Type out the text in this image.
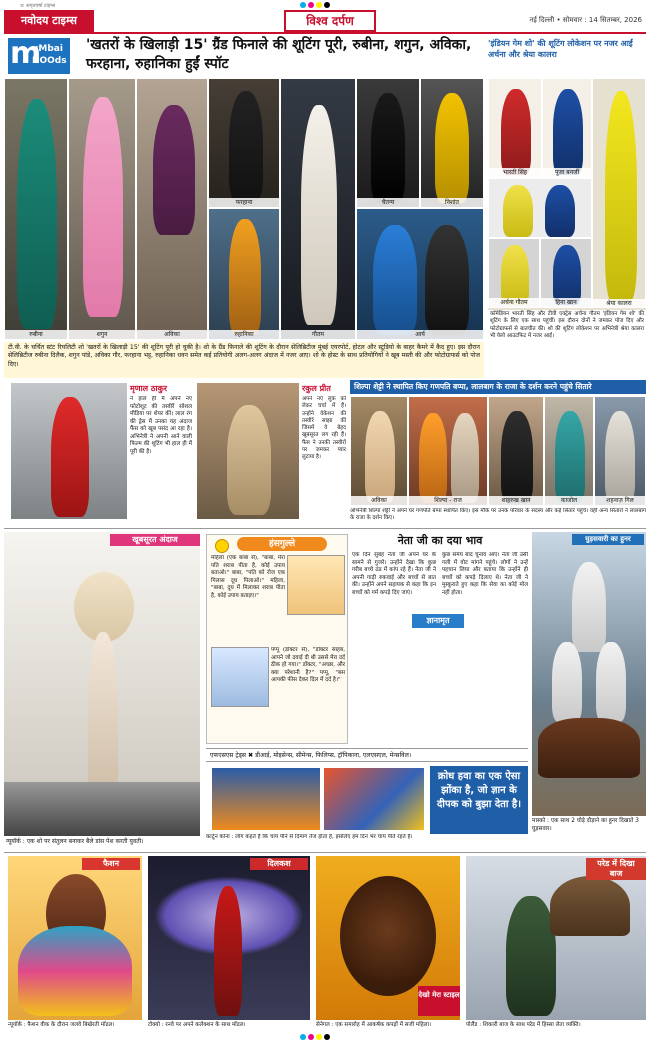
≡ अमृतवर्षा टाइम्स
नवोदय टाइम्स	विश्व दर्पण	नई दिल्ली • सोमवार : 14 सितम्बर, 2026
m
uMbai
DOOds
'खतरों के खिलाड़ी 15' ग्रैंड फिनाले की शूटिंग पूरी, रुबीना, शगुन, अविका, फरहाना, रुहानिका हुईं स्पॉट
'इंडियन गेम शो' की शूटिंग लोकेशन पर नजर आईं अर्चना और श्रेया कालरा
रुबीना	शगुन	अविका
फरहाना
रुहानिका	गौतम
चैतन्य	निशांत
आर्य
टी.वी. के चर्चित स्टंट रियलिटी शो 'खतरों के खिलाड़ी 15' की शूटिंग पूरी हो चुकी है। शो के ग्रैंड फिनाले की शूटिंग के दौरान सेलिब्रिटीज मुंबई एयरपोर्ट, होटल और स्टूडियो के बाहर कैमरे में कैद हुए। इस दौरान सेलिब्रिटीज रुबीना दिलैक, शगुन पांडे, अविका गौर, फरहाना भट्ट, रुहानिका धवन समेत कई प्रतियोगी अलग-अलग अंदाज में नजर आए। शो के होस्ट के साथ प्रतियोगियों ने खूब मस्ती की और फोटोग्राफर्स को पोज दिए।
भारती सिंह	पूजा बनर्जी
अर्चना गौतम	हिना खान	श्रेया कालरा
कॉमेडियन भारती सिंह और टीवी एक्ट्रेस अर्चना गौतम 'इंडियन गेम शो' की शूटिंग के लिए एक साथ पहुंचीं। इस दौरान दोनों ने जमकर पोज दिए और फोटोग्राफर्स से बातचीत की। शो की शूटिंग लोकेशन पर अभिनेत्री श्रेया कालरा भी येलो आउटफिट में नजर आईं।
मृणाल ठाकुर
ने हाल ही में अपने नए फोटोशूट की तस्वीरें सोशल मीडिया पर शेयर कीं। लाल रंग की ड्रेस में उनका यह अंदाज फैंस को खूब पसंद आ रहा है। अभिनेत्री ने अपनी आने वाली फिल्म की शूटिंग भी हाल ही में पूरी की है।
रकुल प्रीत
अपने नए लुक को लेकर चर्चा में हैं। उन्होंने वेकेशन की तस्वीरें साझा कीं जिसमें वे बेहद खूबसूरत लग रही हैं। फैंस ने उनकी तस्वीरों पर जमकर प्यार लुटाया है।
शिल्पा शेट्टी ने स्थापित किए गणपति बप्पा, लालबाग के राजा के दर्शन करने पहुंचे सितारे
अविका	शिल्पा - राज	शाहरुख खान	काजोल	शहनाज़ गिल
अभिनेत्री शिल्पा शेट्टी ने अपने घर गणपति बप्पा स्थापित किए। इस मौके पर उनके परिवार के सदस्य और कई सितारे पहुंचे। वहीं अन्य सितारों ने लालबाग के राजा के दर्शन किए।
खूबसूरत अंदाज
न्यूयॉर्क : एक शो पर संतुलन बनाकर बैले डांस पेश करती युवती।
हंसगुल्ले
महिला (एक बाबा से), "बाबा, मेरा पति शराब पीता है, कोई उपाय बताओ।" बाबा, "पति को रोज एक गिलास दूध पिलाओ।" महिला, "बाबा, दूध में मिलाकर शराब पीता है, कोई उपाय बताइए।"
पप्पू (डॉक्टर से), "डॉक्टर साहब, आपने जो दवाई दी थी उससे मेरा दर्द ठीक हो गया।" डॉक्टर, "अच्छा, और क्या परेशानी है?" पप्पू, "बस आपकी फीस देकर दिल में दर्द है।"
नेता जी का दया भाव
एक दिन सुबह नेता जी अपने घर के सामने से गुजरे। उन्होंने देखा कि कुछ गरीब बच्चे ठंड में कांप रहे हैं। नेता जी ने अपनी गाड़ी रुकवाई और बच्चों से बात की। उन्होंने अपने सहायक से कहा कि इन बच्चों को गर्म कपड़े दिए जाएं।
कुछ समय बाद चुनाव आए। नेता जी उसी गली में वोट मांगने पहुंचे। लोगों ने उन्हें पहचान लिया और बताया कि उन्होंने ही बच्चों को कपड़े दिलाए थे। नेता जी ने मुस्कुराते हुए कहा कि सेवा का कोई मोल नहीं होता।
ज्ञानामृत
घुड़सवारी का हुनर
मास्को : एक साथ 2 घोड़े दौड़ाने का हुनर दिखाते 3 घुड़सवार।
एफएसएस ट्रेड्स ✖ डीआई, मोइसेन्स, सीमेन्स, फिलिप्स, ट्रॉपिकाना, एलएसएल, मेन्सविल।
क्रोध हवा का एक ऐसा झोंका है, जो ज्ञान के दीपक को बुझा देता है।
कार्टून कोना : लोग कहते हैं कि चाय पीने से दिमाग तेज होता है, इसलिए हम दिन भर चाय पीते रहते हैं।
फैशन
न्यूयॉर्क : फैशन वीक के दौरान जलवे बिखेरती मॉडल।
दिलकश
टोक्यो : रनवे पर अपने कलेक्शन के साथ मॉडल।
देखो मेरा स्टाइल
सेनेगल : एक समारोह में आकर्षक कपड़ों में सजी महिला।
परेड में दिखा बाज
पोलैंड : शिकारी बाज के साथ परेड में हिस्सा लेता व्यक्ति।
